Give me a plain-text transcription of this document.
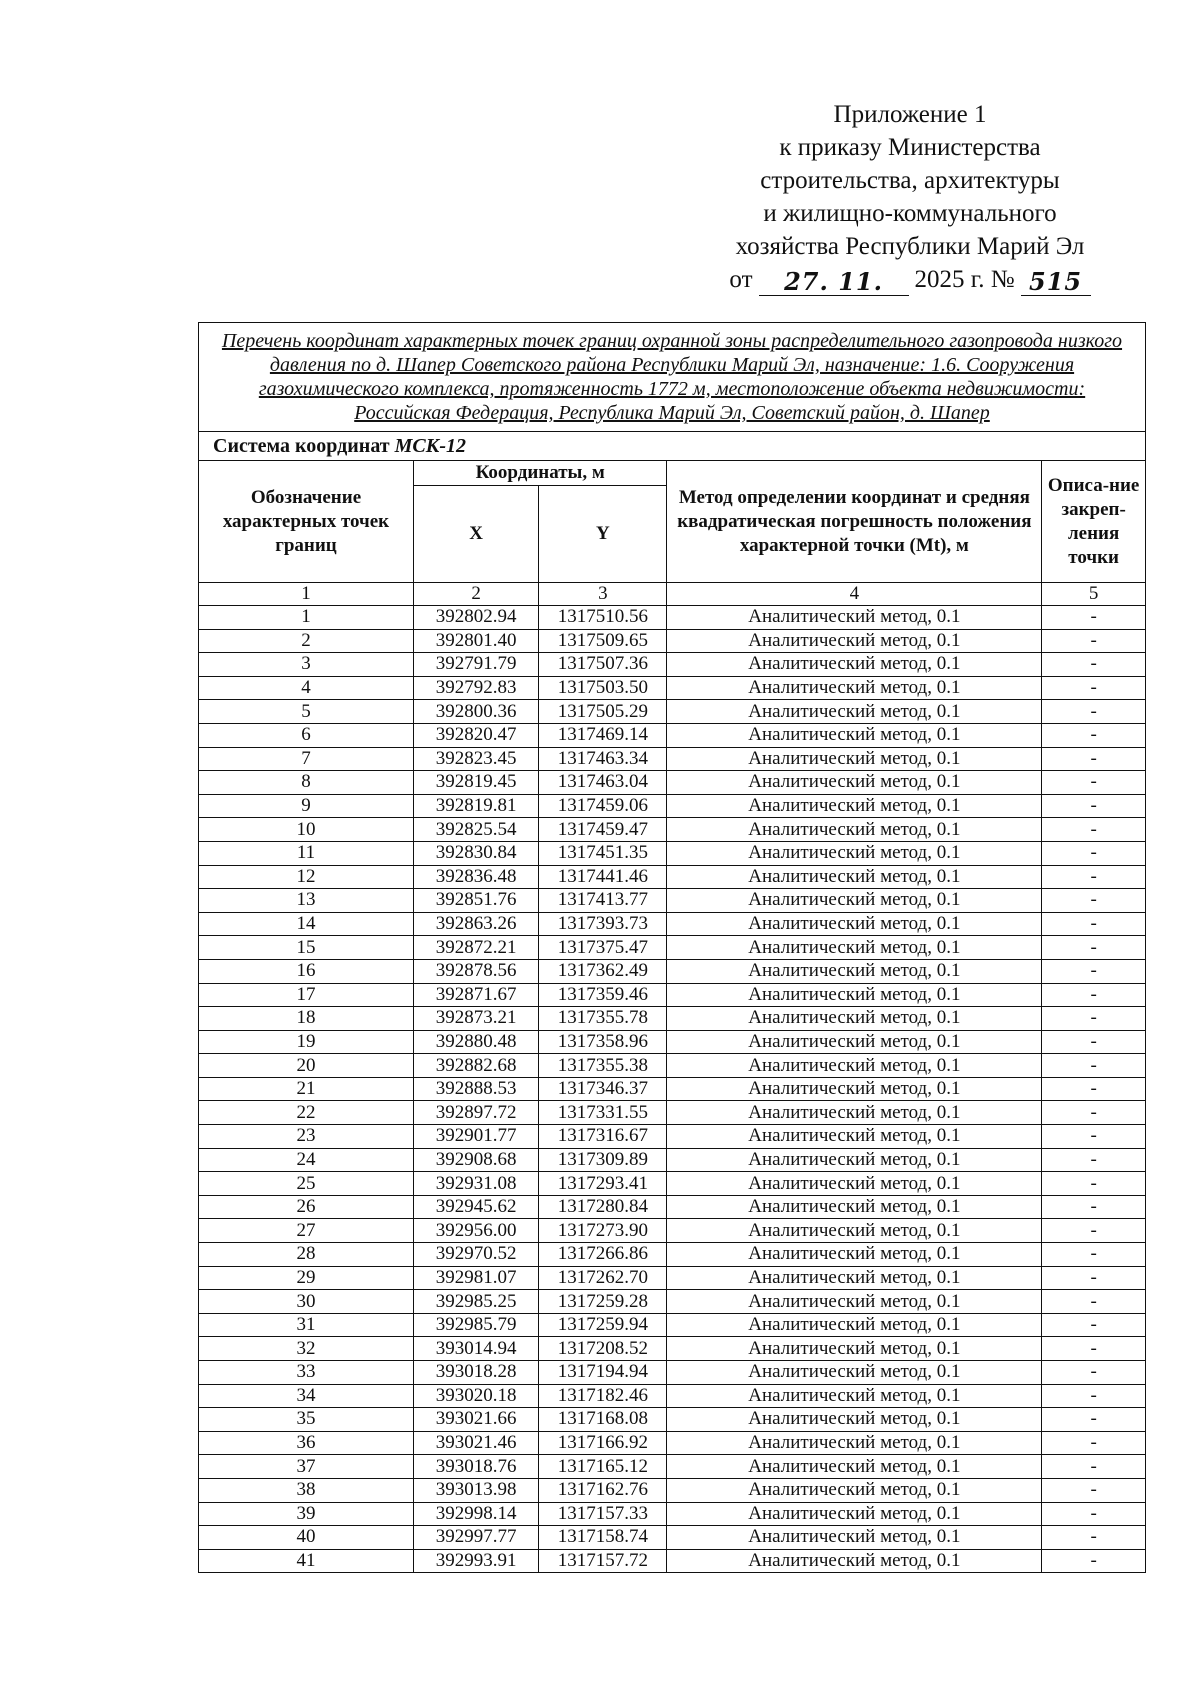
Приложение 1
к приказу Министерства
строительства, архитектуры
и жилищно-коммунального
хозяйства Республики Марий Эл
от	27. 11.	2025 г. № 515
Перечень координат характерных точек границ охранной зоны распределительного газопровода низкого давления по д. Шапер Советского района Республики Марий Эл, назначение: 1.6. Сооружения газохимического комплекса, протяженность 1772 м, местоположение объекта недвижимости: Российская Федерация, Республика Марий Эл, Советский район, д. Шапер
Система координат МСК-12
Обозначение характерных точек границ	Координаты, м		Метод определении координат и средняя квадратическая погрешность положения характерной точки (Mt), м	Описа-ние закреп-ления точки
	X	Y		
1	2	3	4	5
1	392802.94	1317510.56	Аналитический метод, 0.1	-
2	392801.40	1317509.65	Аналитический метод, 0.1	-
3	392791.79	1317507.36	Аналитический метод, 0.1	-
4	392792.83	1317503.50	Аналитический метод, 0.1	-
5	392800.36	1317505.29	Аналитический метод, 0.1	-
6	392820.47	1317469.14	Аналитический метод, 0.1	-
7	392823.45	1317463.34	Аналитический метод, 0.1	-
8	392819.45	1317463.04	Аналитический метод, 0.1	-
9	392819.81	1317459.06	Аналитический метод, 0.1	-
10	392825.54	1317459.47	Аналитический метод, 0.1	-
11	392830.84	1317451.35	Аналитический метод, 0.1	-
12	392836.48	1317441.46	Аналитический метод, 0.1	-
13	392851.76	1317413.77	Аналитический метод, 0.1	-
14	392863.26	1317393.73	Аналитический метод, 0.1	-
15	392872.21	1317375.47	Аналитический метод, 0.1	-
16	392878.56	1317362.49	Аналитический метод, 0.1	-
17	392871.67	1317359.46	Аналитический метод, 0.1	-
18	392873.21	1317355.78	Аналитический метод, 0.1	-
19	392880.48	1317358.96	Аналитический метод, 0.1	-
20	392882.68	1317355.38	Аналитический метод, 0.1	-
21	392888.53	1317346.37	Аналитический метод, 0.1	-
22	392897.72	1317331.55	Аналитический метод, 0.1	-
23	392901.77	1317316.67	Аналитический метод, 0.1	-
24	392908.68	1317309.89	Аналитический метод, 0.1	-
25	392931.08	1317293.41	Аналитический метод, 0.1	-
26	392945.62	1317280.84	Аналитический метод, 0.1	-
27	392956.00	1317273.90	Аналитический метод, 0.1	-
28	392970.52	1317266.86	Аналитический метод, 0.1	-
29	392981.07	1317262.70	Аналитический метод, 0.1	-
30	392985.25	1317259.28	Аналитический метод, 0.1	-
31	392985.79	1317259.94	Аналитический метод, 0.1	-
32	393014.94	1317208.52	Аналитический метод, 0.1	-
33	393018.28	1317194.94	Аналитический метод, 0.1	-
34	393020.18	1317182.46	Аналитический метод, 0.1	-
35	393021.66	1317168.08	Аналитический метод, 0.1	-
36	393021.46	1317166.92	Аналитический метод, 0.1	-
37	393018.76	1317165.12	Аналитический метод, 0.1	-
38	393013.98	1317162.76	Аналитический метод, 0.1	-
39	392998.14	1317157.33	Аналитический метод, 0.1	-
40	392997.77	1317158.74	Аналитический метод, 0.1	-
41	392993.91	1317157.72	Аналитический метод, 0.1	-
